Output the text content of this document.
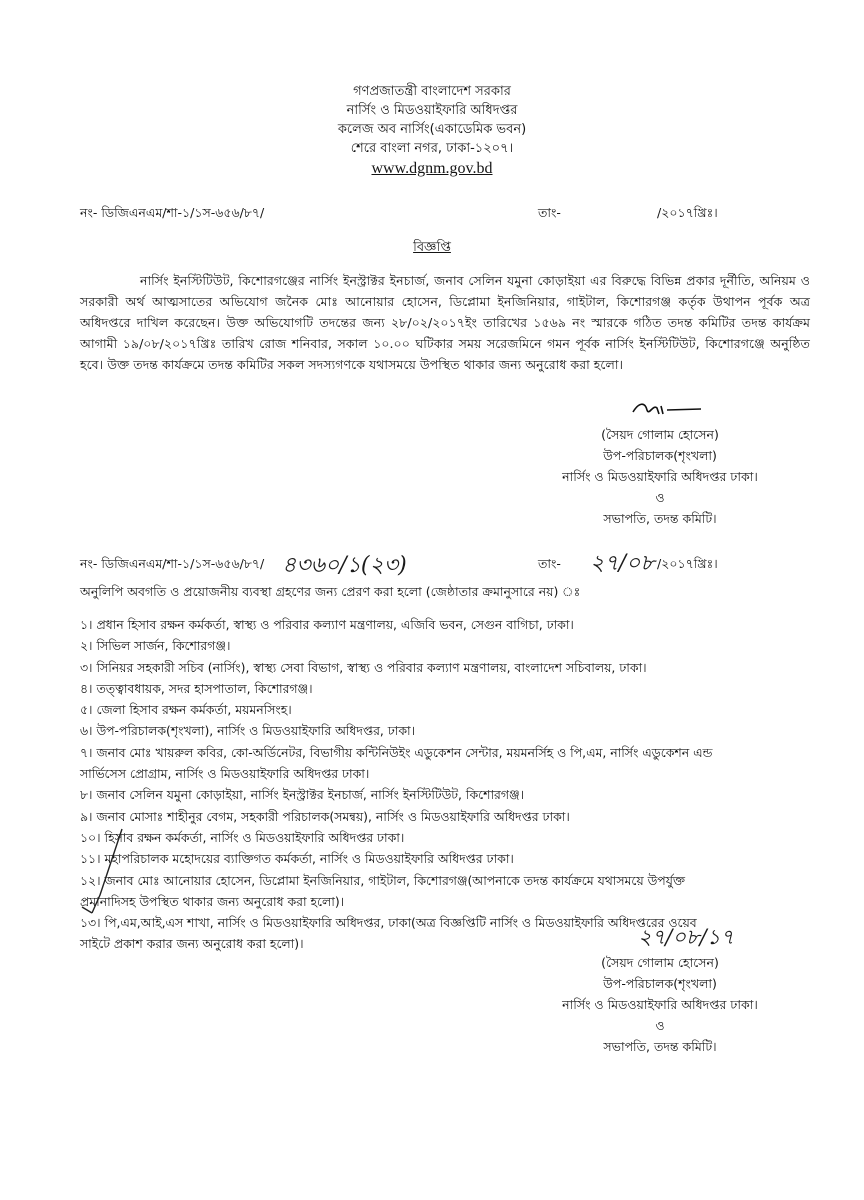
গণপ্রজাতন্ত্রী বাংলাদেশ সরকার
নার্সিং ও মিডওয়াইফারি অধিদপ্তর
কলেজ অব নার্সিং(একাডেমিক ভবন)
শেরে বাংলা নগর, ঢাকা-১২০৭।
www.dgnm.gov.bd
নং- ডিজিএনএম/শা-১/১স-৬৫৬/৮৭/	তাং-	/২০১৭খ্রিঃ।
বিজ্ঞপ্তি
নার্সিং ইনস্টিটিউট, কিশোরগঞ্জের নার্সিং ইনস্ট্রাক্টর ইনচার্জ, জনাব সেলিন যমুনা কোড়াইয়া এর বিরুদ্ধে বিভিন্ন প্রকার দূর্নীতি, অনিয়ম ও সরকারী অর্থ আত্মসাতের অভিযোগ জনৈক মোঃ আনোয়ার হোসেন, ডিপ্লোমা ইনজিনিয়ার, গাইটাল, কিশোরগঞ্জ কর্তৃক উথাপন পূর্বক অত্র অধিদপ্তরে দাখিল করেছেন। উক্ত অভিযোগটি তদন্তের জন্য ২৮/০২/২০১৭ইং তারিখের ১৫৬৯ নং স্মারকে গঠিত তদন্ত কমিটির তদন্ত কার্যক্রম আগামী ১৯/০৮/২০১৭খ্রিঃ তারিখ রোজ শনিবার, সকাল ১০.০০ ঘটিকার সময় সরেজমিনে গমন পূর্বক নার্সিং ইনস্টিটিউট, কিশোরগঞ্জে অনুষ্ঠিত হবে। উক্ত তদন্ত কার্যক্রমে তদন্ত কমিটির সকল সদস্যগণকে যথাসময়ে উপস্থিত থাকার জন্য অনুরোধ করা হলো।
(সৈয়দ গোলাম হোসেন)
উপ-পরিচালক(শৃংখলা)
নার্সিং ও মিডওয়াইফারি অধিদপ্তর ঢাকা।
ও
সভাপতি, তদন্ত কমিটি।
নং- ডিজিএনএম/শা-১/১স-৬৫৬/৮৭/ ৪৩৬০/১(২৩)	তাং- ২৭/০৮ /২০১৭খ্রিঃ।
অনুলিপি অবগতি ও প্রয়োজনীয় ব্যবস্থা গ্রহণের জন্য প্রেরণ করা হলো (জেষ্ঠাতার ক্রমানুসারে নয়) ঃ
১। প্রধান হিসাব রক্ষন কর্মকর্তা, স্বাস্থ্য ও পরিবার কল্যাণ মন্ত্রণালয়, এজিবি ভবন, সেগুন বাগিচা, ঢাকা।
২। সিভিল সার্জন, কিশোরগঞ্জ।
৩। সিনিয়র সহকারী সচিব (নার্সিং), স্বাস্থ্য সেবা বিভাগ, স্বাস্থ্য ও পরিবার কল্যাণ মন্ত্রণালয়, বাংলাদেশ সচিবালয়, ঢাকা।
৪। তত্ত্বাবধায়ক, সদর হাসপাতাল, কিশোরগঞ্জ।
৫। জেলা হিসাব রক্ষন কর্মকর্তা, ময়মনসিংহ।
৬। উপ-পরিচালক(শৃংখলা), নার্সিং ও মিডওয়াইফারি অধিদপ্তর, ঢাকা।
৭। জনাব মোঃ খায়রুল কবির, কো-অর্ডিনেটর, বিভাগীয় কন্টিনিউইং এডুকেশন সেন্টার, ময়মনর্সিহ ও পি,এম, নার্সিং এডুকেশন এন্ড
সার্ভিসেস প্রোগ্রাম, নার্সিং ও মিডওয়াইফারি অধিদপ্তর ঢাকা।
৮। জনাব সেলিন যমুনা কোড়াইয়া, নার্সিং ইনস্ট্রাক্টর ইনচার্জ, নার্সিং ইনস্টিটিউট, কিশোরগঞ্জ।
৯। জনাব মোসাঃ শাহীনুর বেগম, সহকারী পরিচালক(সমন্বয়), নার্সিং ও মিডওয়াইফারি অধিদপ্তর ঢাকা।
১০। হিসাব রক্ষন কর্মকর্তা, নার্সিং ও মিডওয়াইফারি অধিদপ্তর ঢাকা।
১১। মহাপরিচালক মহোদয়ের ব্যাক্তিগত কর্মকর্তা, নার্সিং ও মিডওয়াইফারি অধিদপ্তর ঢাকা।
১২। জনাব মোঃ আনোয়ার হোসেন, ডিপ্লোমা ইনজিনিয়ার, গাইটাল, কিশোরগঞ্জ(আপনাকে তদন্ত কার্যক্রমে যথাসময়ে উপর্যুক্ত
প্রমানাদিসহ উপস্থিত থাকার জন্য অনুরোধ করা হলো)।
১৩। পি,এম,আই,এস শাখা, নার্সিং ও মিডওয়াইফারি অধিদপ্তর, ঢাকা(অত্র বিজ্ঞপ্তিটি নার্সিং ও মিডওয়াইফারি অধিদপ্তরের ওয়েব
সাইটে প্রকাশ করার জন্য অনুরোধ করা হলো)।	২৭/০৮/১৭
(সৈয়দ গোলাম হোসেন)
উপ-পরিচালক(শৃংখলা)
নার্সিং ও মিডওয়াইফারি অধিদপ্তর ঢাকা।
ও
সভাপতি, তদন্ত কমিটি।
